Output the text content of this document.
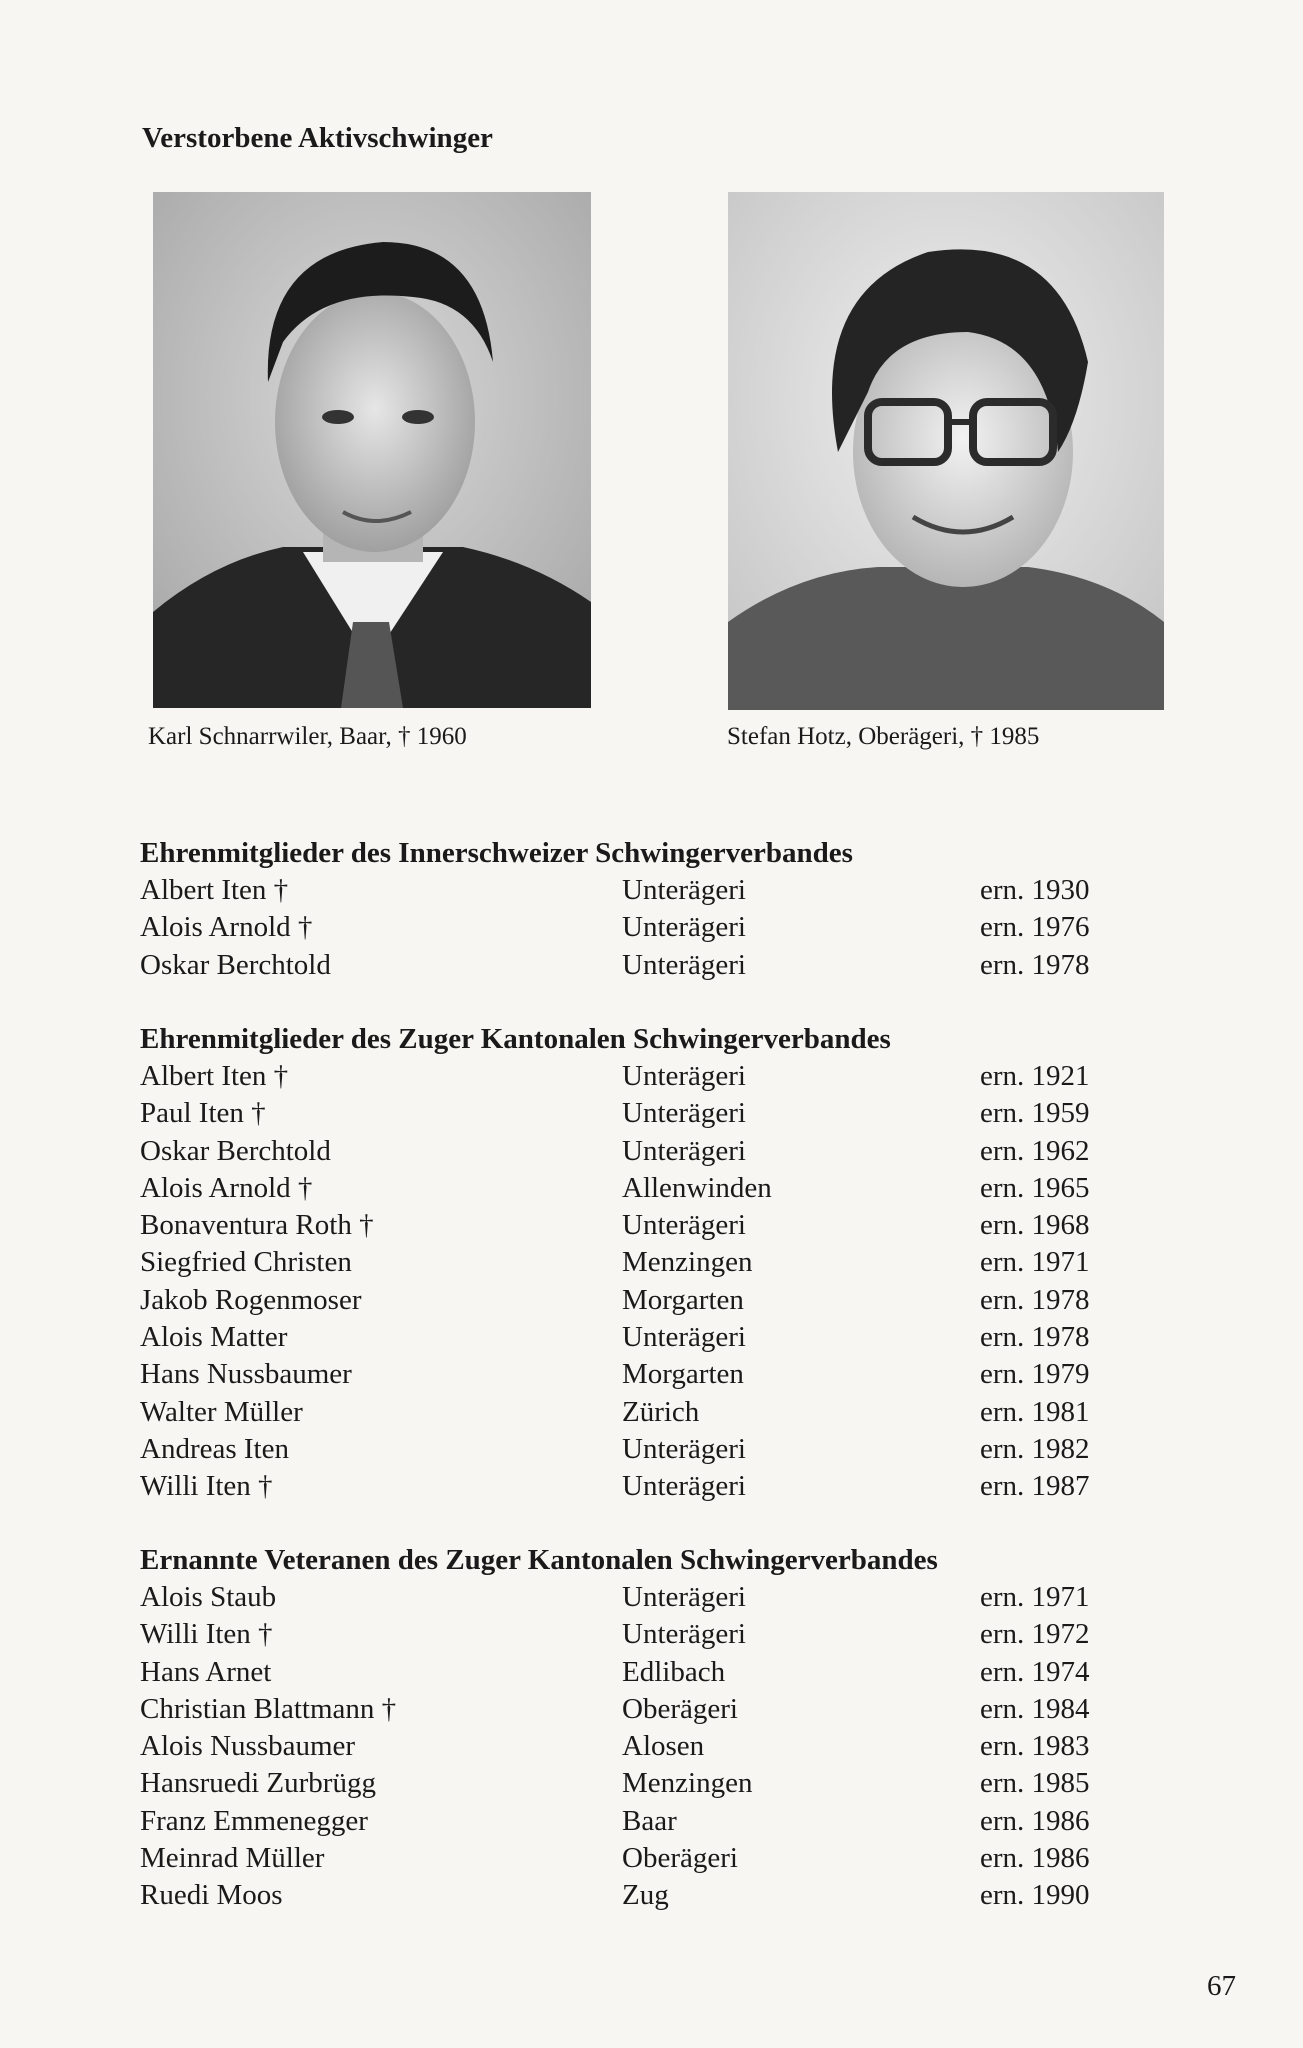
Verstorbene Aktivschwinger
Karl Schnarrwiler, Baar, † 1960	Stefan Hotz, Oberägeri, † 1985
Ehrenmitglieder des Innerschweizer Schwingerverbandes
Albert Iten †	Unterägeri	ern. 1930
Alois Arnold †	Unterägeri	ern. 1976
Oskar Berchtold	Unterägeri	ern. 1978
Ehrenmitglieder des Zuger Kantonalen Schwingerverbandes
Albert Iten †	Unterägeri	ern. 1921
Paul Iten †	Unterägeri	ern. 1959
Oskar Berchtold	Unterägeri	ern. 1962
Alois Arnold †	Allenwinden	ern. 1965
Bonaventura Roth †	Unterägeri	ern. 1968
Siegfried Christen	Menzingen	ern. 1971
Jakob Rogenmoser	Morgarten	ern. 1978
Alois Matter	Unterägeri	ern. 1978
Hans Nussbaumer	Morgarten	ern. 1979
Walter Müller	Zürich	ern. 1981
Andreas Iten	Unterägeri	ern. 1982
Willi Iten †	Unterägeri	ern. 1987
Ernannte Veteranen des Zuger Kantonalen Schwingerverbandes
Alois Staub	Unterägeri	ern. 1971
Willi Iten †	Unterägeri	ern. 1972
Hans Arnet	Edlibach	ern. 1974
Christian Blattmann †	Oberägeri	ern. 1984
Alois Nussbaumer	Alosen	ern. 1983
Hansruedi Zurbrügg	Menzingen	ern. 1985
Franz Emmenegger	Baar	ern. 1986
Meinrad Müller	Oberägeri	ern. 1986
Ruedi Moos	Zug	ern. 1990
67
